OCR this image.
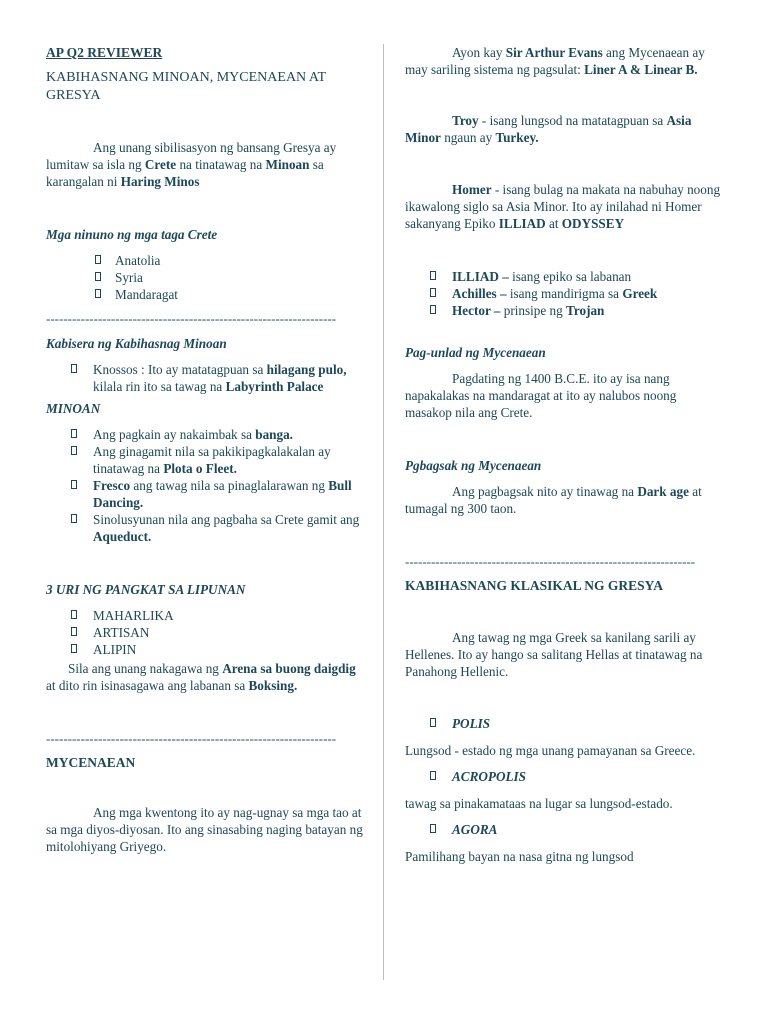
AP Q2 REVIEWER

KABIHASNANG MINOAN, MYCENAEAN AT GRESYA

Ang unang sibilisasyon ng bansang Gresya ay lumitaw sa isla ng Crete na tinatawag na Minoan sa karangalan ni Haring Minos

Mga ninuno ng mga taga Crete

Anatolia
Syria
Mandaragat

-------------------------------------------------------------------

Kabisera ng Kabihasnag Minoan

Knossos : Ito ay matatagpuan sa hilagang pulo, kilala rin ito sa tawag na Labyrinth Palace

MINOAN

Ang pagkain ay nakaimbak sa banga.
Ang ginagamit nila sa pakikipagkalakalan ay tinatawag na Plota o Fleet.
Fresco ang tawag nila sa pinaglalarawan ng Bull Dancing.
Sinolusyunan nila ang pagbaha sa Crete gamit ang Aqueduct.

3 URI NG PANGKAT SA LIPUNAN

MAHARLIKA
ARTISAN
ALIPIN

Sila ang unang nakagawa ng Arena sa buong daigdig at dito rin isinasagawa ang labanan sa Boksing.

-------------------------------------------------------------------

MYCENAEAN

Ang mga kwentong ito ay nag-ugnay sa mga tao at sa mga diyos-diyosan. Ito ang sinasabing naging batayan ng mitolohiyang Griyego.

Ayon kay Sir Arthur Evans ang Mycenaean ay may sariling sistema ng pagsulat: Liner A & Linear B.

Troy - isang lungsod na matatagpuan sa Asia Minor ngaun ay Turkey.

Homer - isang bulag na makata na nabuhay noong ikawalong siglo sa Asia Minor. Ito ay inilahad ni Homer sakanyang Epiko ILLIAD at ODYSSEY

ILLIAD – isang epiko sa labanan
Achilles – isang mandirigma sa Greek
Hector – prinsipe ng Trojan

Pag-unlad ng Mycenaean

Pagdating ng 1400 B.C.E. ito ay isa nang napakalakas na mandaragat at ito ay nalubos noong masakop nila ang Crete.

Pgbagsak ng Mycenaean

Ang pagbagsak nito ay tinawag na Dark age at tumagal ng 300 taon.

-------------------------------------------------------------------

KABIHASNANG KLASIKAL NG GRESYA

Ang tawag ng mga Greek sa kanilang sarili ay Hellenes. Ito ay hango sa salitang Hellas at tinatawag na Panahong Hellenic.

POLIS

Lungsod - estado ng mga unang pamayanan sa Greece.

ACROPOLIS

tawag sa pinakamataas na lugar sa lungsod-estado.

AGORA

Pamilihang bayan na nasa gitna ng lungsod
